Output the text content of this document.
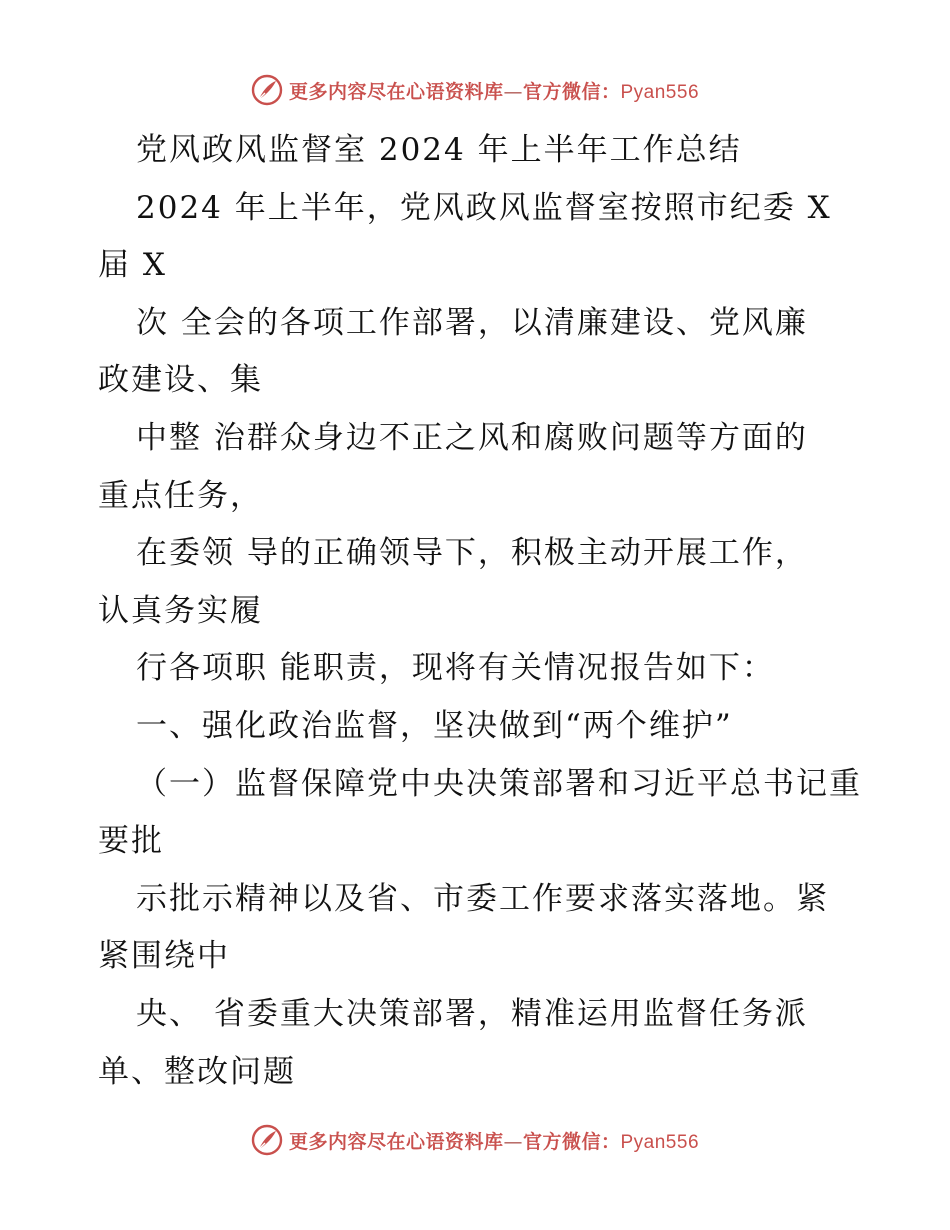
更多内容尽在心语资料库—官方微信：Pyan556
党风政风监督室 2024 年上半年工作总结
2024 年上半年，党风政风监督室按照市纪委 X
届 X
次 全会的各项工作部署，以清廉建设、党风廉
政建设、集
中整 治群众身边不正之风和腐败问题等方面的
重点任务，
在委领 导的正确领导下，积极主动开展工作，
认真务实履
行各项职 能职责，现将有关情况报告如下：
一、强化政治监督，坚决做到“两个维护”
（一）监督保障党中央决策部署和习近平总书记重
要批
示批示精神以及省、市委工作要求落实落地。紧
紧围绕中
央、 省委重大决策部署，精准运用监督任务派
单、整改问题
更多内容尽在心语资料库—官方微信：Pyan556
